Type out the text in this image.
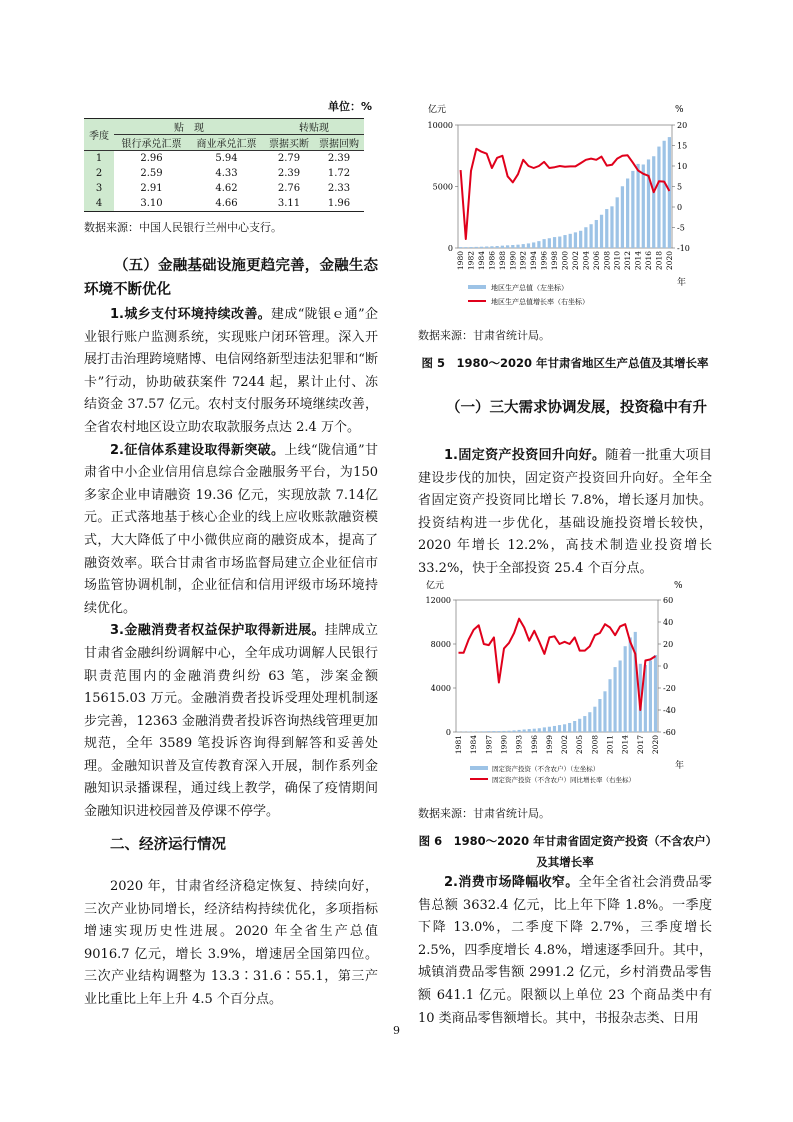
单位：%
季度	贴　现		转贴现	
	银行承兑汇票	商业承兑汇票	票据买断	票据回购
1	2.96	5.94	2.79	2.39
2	2.59	4.33	2.39	1.72
3	2.91	4.62	2.76	2.33
4	3.10	4.66	3.11	1.96
数据来源：中国人民银行兰州中心支行。

（五）金融基础设施更趋完善，金融生态环境不断优化

1.城乡支付环境持续改善。建成“陇银ｅ通”企业银行账户监测系统，实现账户闭环管理。深入开展打击治理跨境赌博、电信网络新型违法犯罪和“断卡”行动，协助破获案件 7244 起，累计止付、冻结资金 37.57 亿元。农村支付服务环境继续改善，全省农村地区设立助农取款服务点达 2.4 万个。

2.征信体系建设取得新突破。上线“陇信通”甘肃省中小企业信用信息综合金融服务平台，为150 多家企业申请融资 19.36 亿元，实现放款 7.14亿元。正式落地基于核心企业的线上应收账款融资模式，大大降低了中小微供应商的融资成本，提高了融资效率。联合甘肃省市场监督局建立企业征信市场监管协调机制，企业征信和信用评级市场环境持续优化。

3.金融消费者权益保护取得新进展。挂牌成立甘肃省金融纠纷调解中心，全年成功调解人民银行职责范围内的金融消费纠纷 63 笔，涉案金额15615.03 万元。金融消费者投诉受理处理机制逐步完善，12363 金融消费者投诉咨询热线管理更加规范，全年 3589 笔投诉咨询得到解答和妥善处理。金融知识普及宣传教育深入开展，制作系列金融知识录播课程，通过线上教学，确保了疫情期间金融知识进校园普及停课不停学。

二、经济运行情况

2020 年，甘肃省经济稳定恢复、持续向好，三次产业协同增长，经济结构持续优化，多项指标增速实现历史性进展。2020 年全省生产总值9016.7 亿元，增长 3.9%，增速居全国第四位。三次产业结构调整为 13.3∶31.6∶55.1，第三产业比重比上年上升 4.5 个百分点。

亿元	%
年
0
5000
10000
-10
-5
0
5
10
15
20
1980 1982 1984 1986 1988 1990 1992 1994 1996 1998 2000 2002 2004 2006 2008 2010 2012 2014 2016 2018 2020
地区生产总值（左坐标）
地区生产总值增长率（右坐标）
数据来源：甘肃省统计局。

图 5　1980～2020 年甘肃省地区生产总值及其增长率

（一）三大需求协调发展，投资稳中有升

1.固定资产投资回升向好。随着一批重大项目建设步伐的加快，固定资产投资回升向好。全年全省固定资产投资同比增长 7.8%，增长逐月加快。投资结构进一步优化，基础设施投资增长较快，2020 年增长 12.2%，高技术制造业投资增长33.2%，快于全部投资 25.4 个百分点。

亿元	%
年
0
4000
8000
12000
-60
-40
-20
0
20
40
60
1981 1984 1987 1990 1993 1996 1999 2002 2005 2008 2011 2014 2017 2020
固定资产投资（不含农户）（左坐标）
固定资产投资（不含农户）同比增长率（右坐标）
数据来源：甘肃省统计局。

图 6　1980～2020 年甘肃省固定资产投资（不含农户）及其增长率

2.消费市场降幅收窄。全年全省社会消费品零售总额 3632.4 亿元，比上年下降 1.8%。一季度下降 13.0%，二季度下降 2.7%，三季度增长2.5%，四季度增长 4.8%，增速逐季回升。其中，城镇消费品零售额 2991.2 亿元，乡村消费品零售额 641.1 亿元。限额以上单位 23 个商品类中有10 类商品零售额增长。其中，书报杂志类、日用

9
